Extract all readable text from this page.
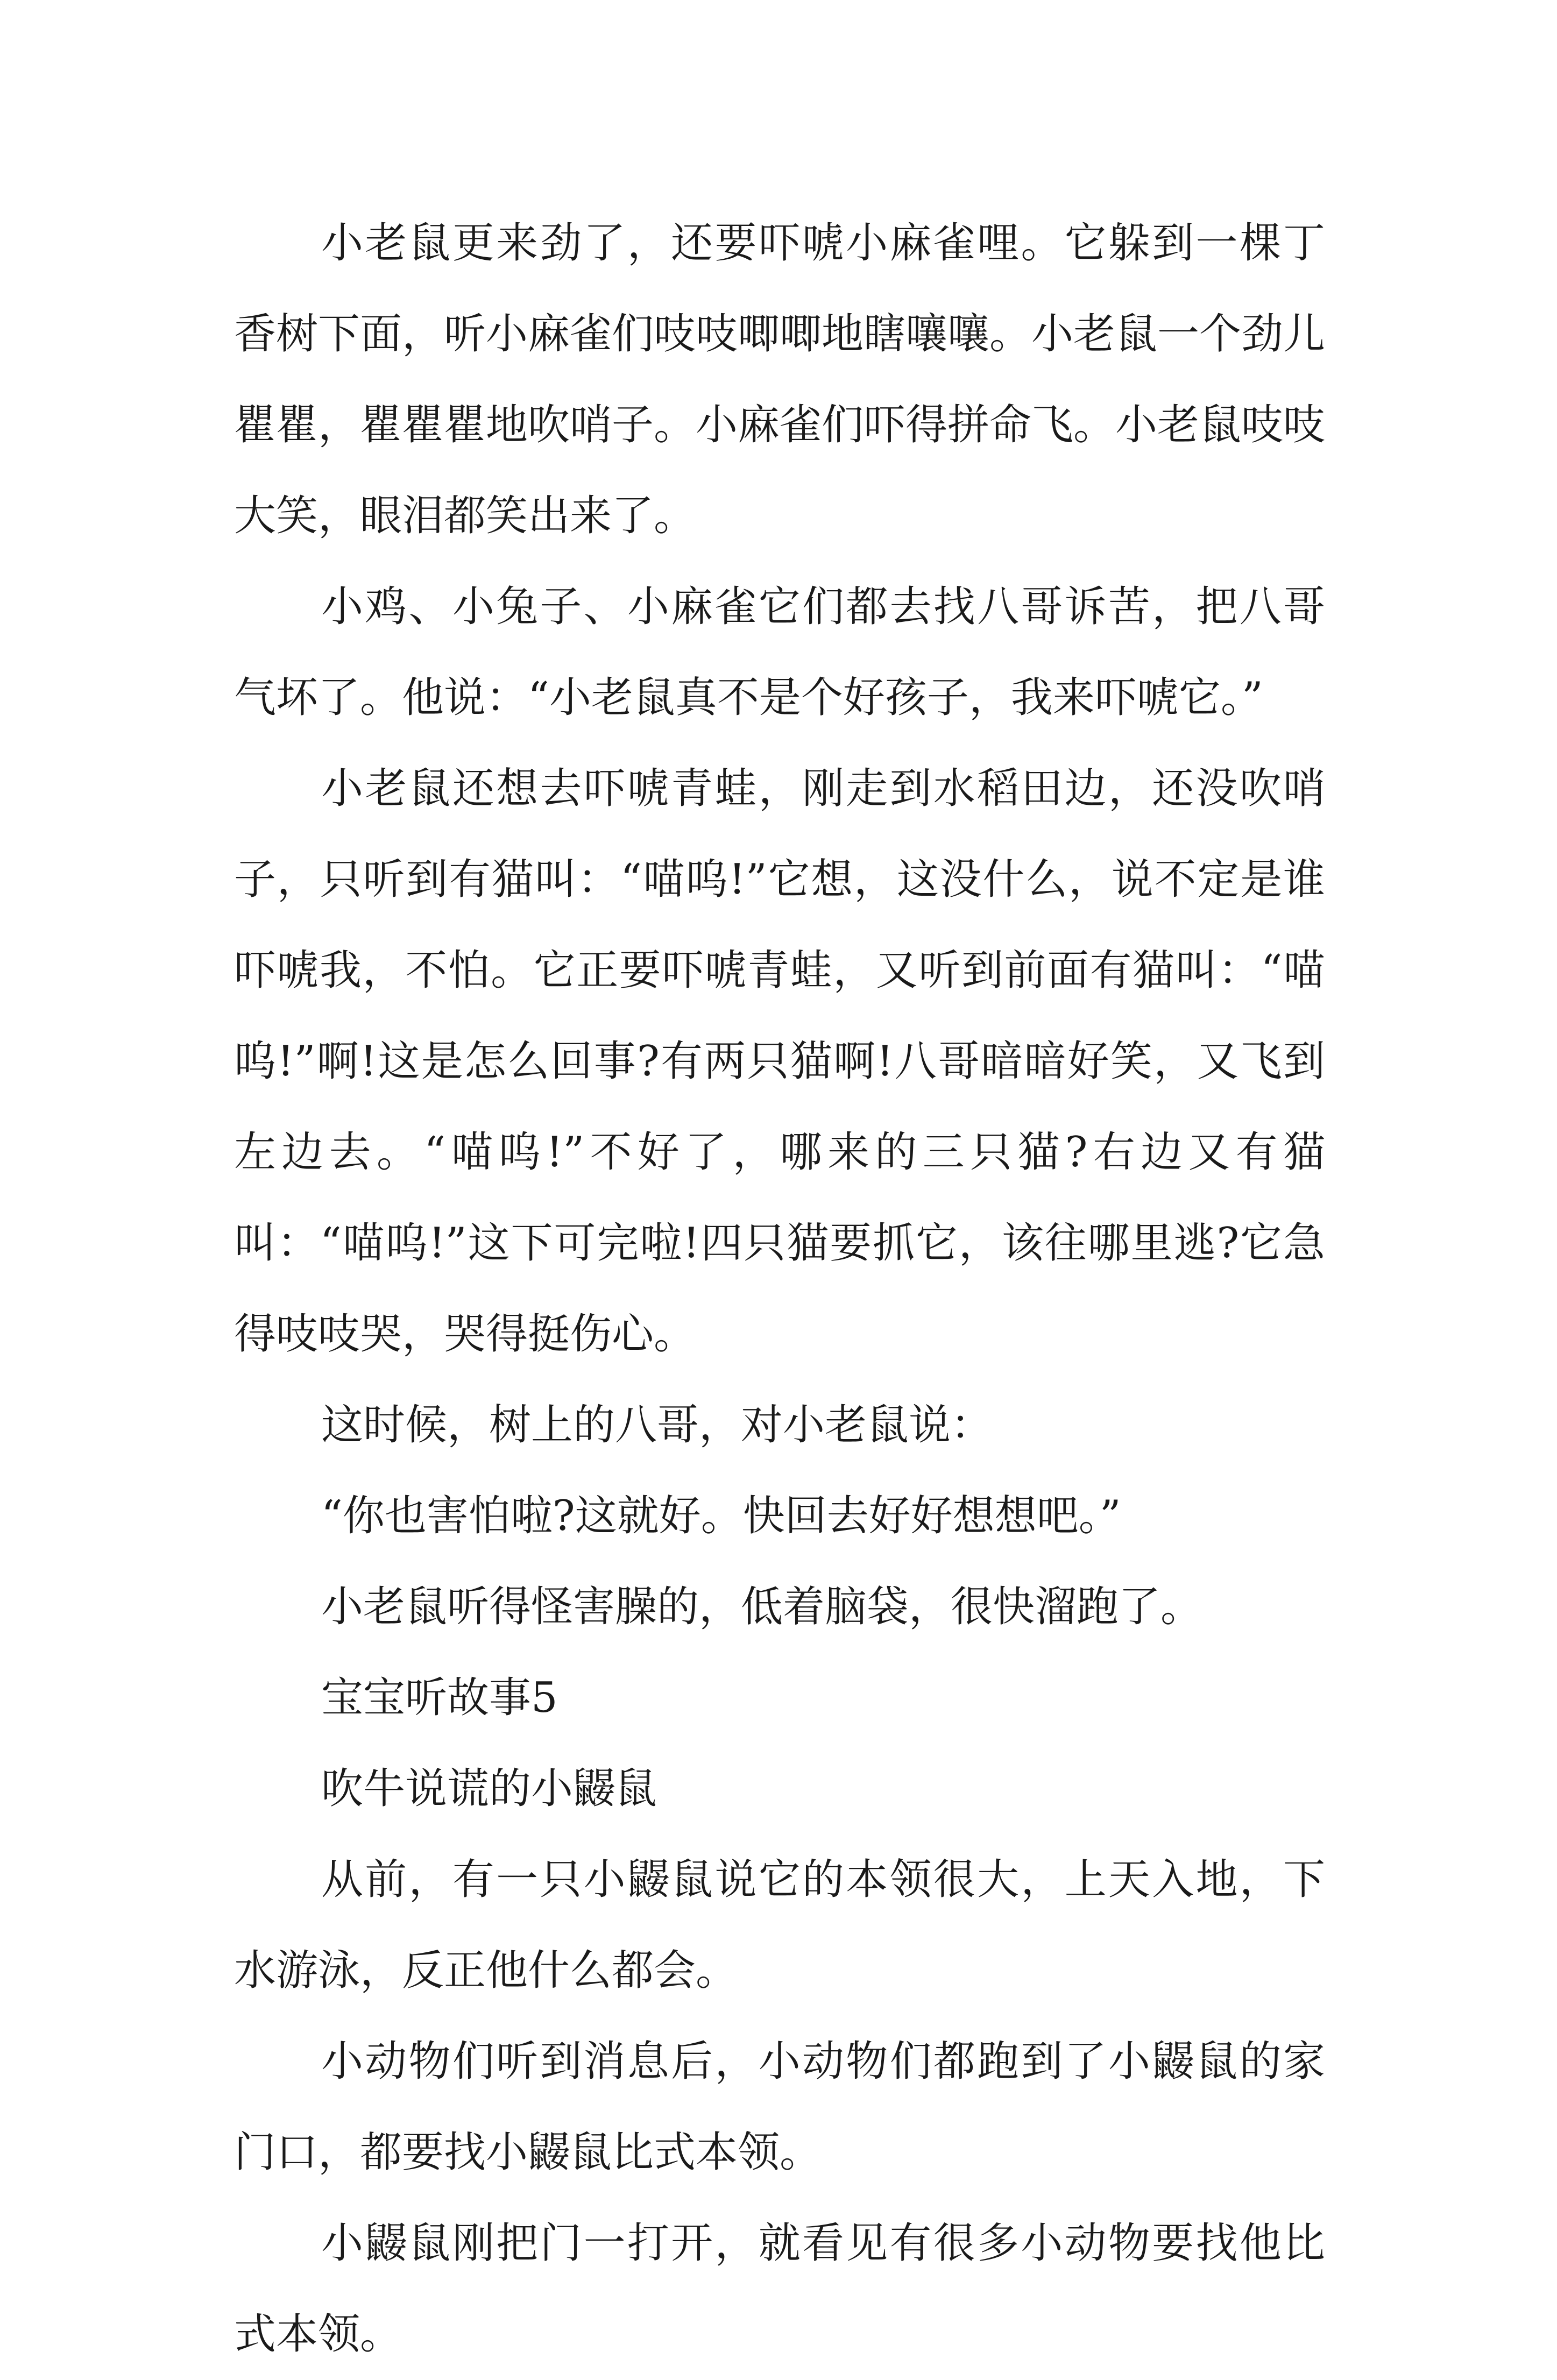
小老鼠更来劲了，还要吓唬小麻雀哩。它躲到一棵丁香树下面，听小麻雀们吱吱唧唧地瞎嚷嚷。小老鼠一个劲儿瞿瞿，瞿瞿瞿地吹哨子。小麻雀们吓得拼命飞。小老鼠吱吱大笑，眼泪都笑出来了。

小鸡、小兔子、小麻雀它们都去找八哥诉苦，把八哥气坏了。他说：“小老鼠真不是个好孩子，我来吓唬它。”

小老鼠还想去吓唬青蛙，刚走到水稻田边，还没吹哨子，只听到有猫叫：“喵呜!”它想，这没什么，说不定是谁吓唬我，不怕。它正要吓唬青蛙，又听到前面有猫叫：“喵呜!”啊!这是怎么回事?有两只猫啊!八哥暗暗好笑，又飞到左边去。“喵呜!”不好了，哪来的三只猫?右边又有猫叫：“喵呜!”这下可完啦!四只猫要抓它，该往哪里逃?它急得吱吱哭，哭得挺伤心。

这时候，树上的八哥，对小老鼠说：

“你也害怕啦?这就好。快回去好好想想吧。”

小老鼠听得怪害臊的，低着脑袋，很快溜跑了。

宝宝听故事5

吹牛说谎的小鼹鼠

从前，有一只小鼹鼠说它的本领很大，上天入地，下水游泳，反正他什么都会。

小动物们听到消息后，小动物们都跑到了小鼹鼠的家门口，都要找小鼹鼠比式本领。

小鼹鼠刚把门一打开，就看见有很多小动物要找他比式本领。
